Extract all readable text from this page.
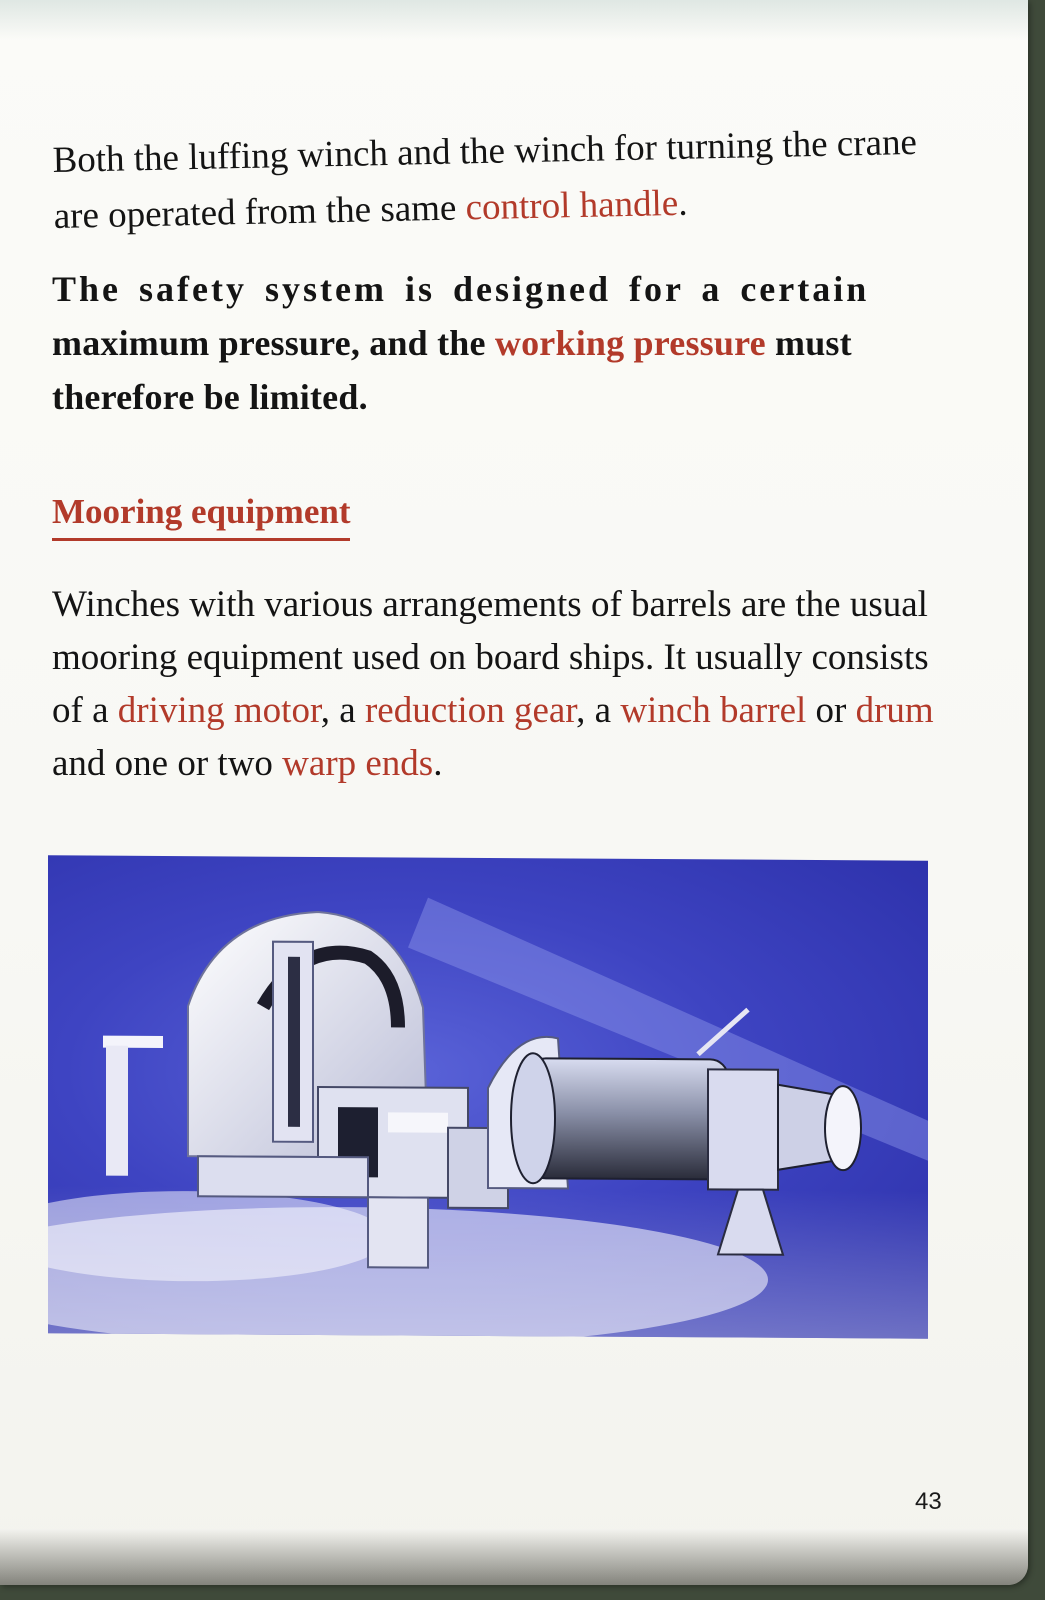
Both the luffing winch and the winch for turning the crane are operated from the same control handle.

The safety system is designed for a certain maximum pressure, and the working pressure must therefore be limited.

Mooring equipment

Winches with various arrangements of barrels are the usual mooring equipment used on board ships. It usually consists of a driving motor, a reduction gear, a winch barrel or drum and one or two warp ends.

43
